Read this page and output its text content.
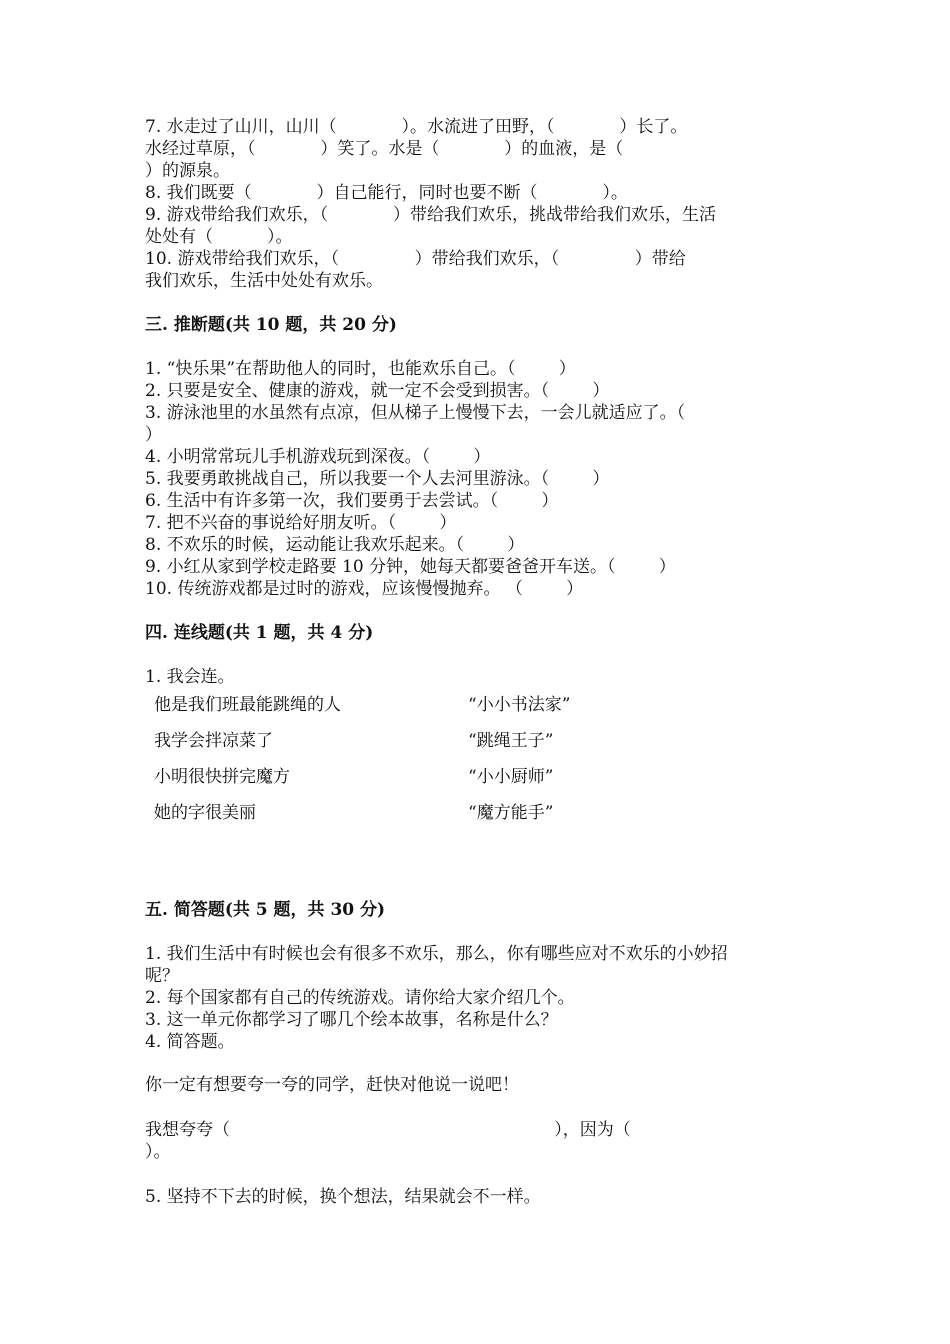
7. 水走过了山川，山川（            ）。水流进了田野，（            ）长了。
水经过草原，（            ）笑了。水是（            ）的血液，是（
）的源泉。
8. 我们既要（            ）自己能行，同时也要不断（            ）。
9. 游戏带给我们欢乐，（            ）带给我们欢乐，挑战带给我们欢乐，生活
处处有（          ）。
10. 游戏带给我们欢乐，（              ）带给我们欢乐，（              ）带给
我们欢乐，生活中处处有欢乐。
三. 推断题(共 10 题，共 20 分)
1. “快乐果”在帮助他人的同时，也能欢乐自己。（        ）
2. 只要是安全、健康的游戏，就一定不会受到损害。（        ）
3. 游泳池里的水虽然有点凉，但从梯子上慢慢下去，一会儿就适应了。（
）
4. 小明常常玩儿手机游戏玩到深夜。（        ）
5. 我要勇敢挑战自己，所以我要一个人去河里游泳。（        ）
6. 生活中有许多第一次，我们要勇于去尝试。（        ）
7. 把不兴奋的事说给好朋友听。（        ）
8. 不欢乐的时候，运动能让我欢乐起来。（        ）
9. 小红从家到学校走路要 10 分钟，她每天都要爸爸开车送。（        ）
10. 传统游戏都是过时的游戏，应该慢慢抛弃。 （        ）
四. 连线题(共 1 题，共 4 分)
1. 我会连。
他是我们班最能跳绳的人	“小小书法家”
我学会拌凉菜了	“跳绳王子”
小明很快拼完魔方	“小小厨师”
她的字很美丽	“魔方能手”
五. 简答题(共 5 题，共 30 分)
1. 我们生活中有时候也会有很多不欢乐，那么，你有哪些应对不欢乐的小妙招
呢？
2. 每个国家都有自己的传统游戏。请你给大家介绍几个。
3. 这一单元你都学习了哪几个绘本故事，名称是什么？
4. 简答题。
你一定有想要夸一夸的同学，赶快对他说一说吧！
我想夸夸（                                                            ），因为（
）。
5. 坚持不下去的时候，换个想法，结果就会不一样。
